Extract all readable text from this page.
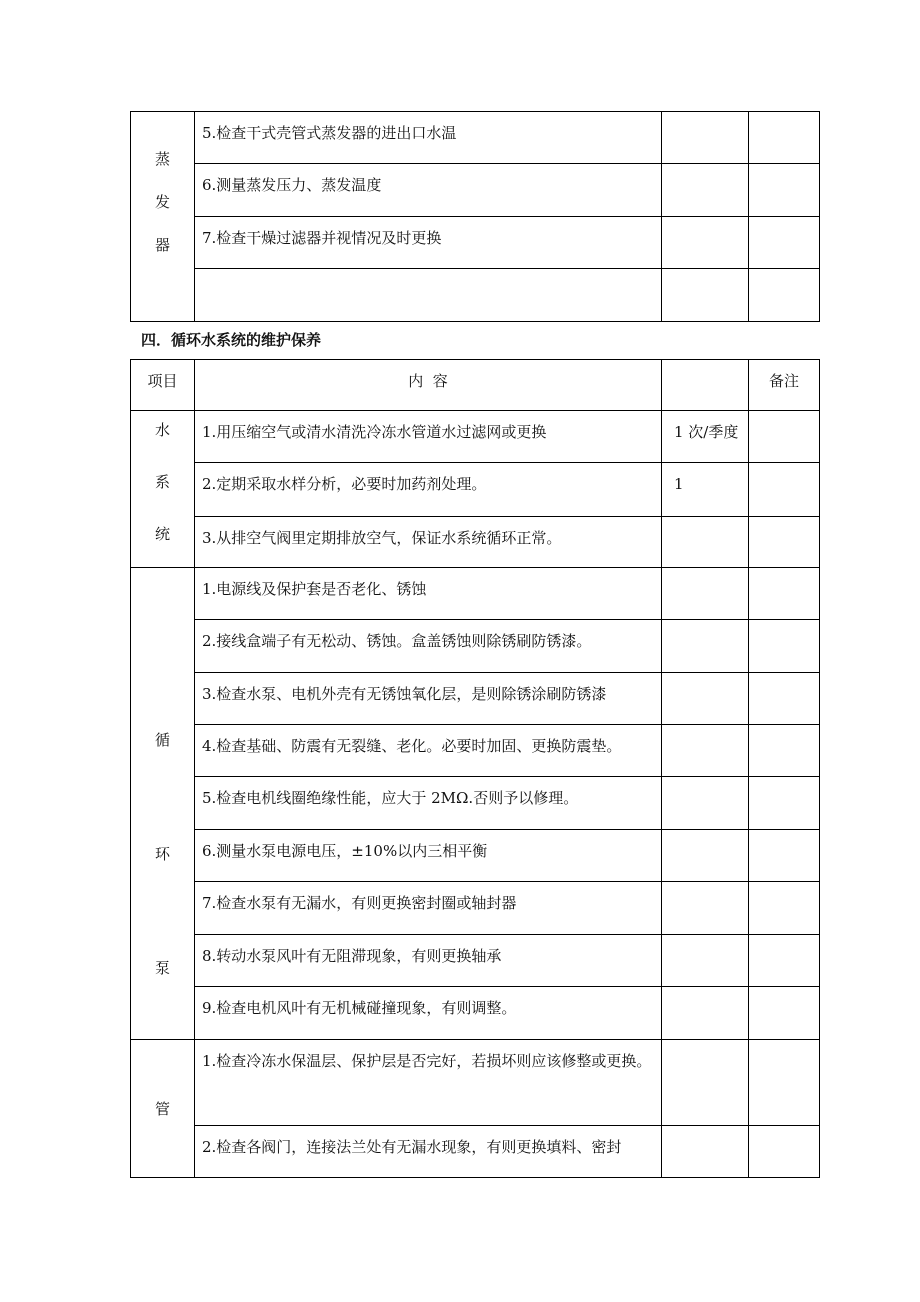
蒸
发
器	5.检查干式壳管式蒸发器的进出口水温		
	6.测量蒸发压力、蒸发温度		
	7.检查干燥过滤器并视情况及时更换		

四．循环水系统的维护保养
项目	内  容		备注

水
系
统	1.用压缩空气或清水清洗冷冻水管道水过滤网或更换	1 次/季度	
	2.定期采取水样分析，必要时加药剂处理。	1	
	3.从排空气阀里定期排放空气，保证水系统循环正常。		

循
环
泵	1.电源线及保护套是否老化、锈蚀		
	2.接线盒端子有无松动、锈蚀。盒盖锈蚀则除锈刷防锈漆。		
	3.检查水泵、电机外壳有无锈蚀氧化层，是则除锈涂刷防锈漆		
	4.检查基础、防震有无裂缝、老化。必要时加固、更换防震垫。		
	5.检查电机线圈绝缘性能，应大于 2MΩ.否则予以修理。		
	6.测量水泵电源电压，±10%以内三相平衡		
	7.检查水泵有无漏水，有则更换密封圈或轴封器		
	8.转动水泵风叶有无阻滞现象，有则更换轴承		
	9.检查电机风叶有无机械碰撞现象，有则调整。		

管	1.检查冷冻水保温层、保护层是否完好，若损坏则应该修整或更换。		
	2.检查各阀门，连接法兰处有无漏水现象，有则更换填料、密封		
